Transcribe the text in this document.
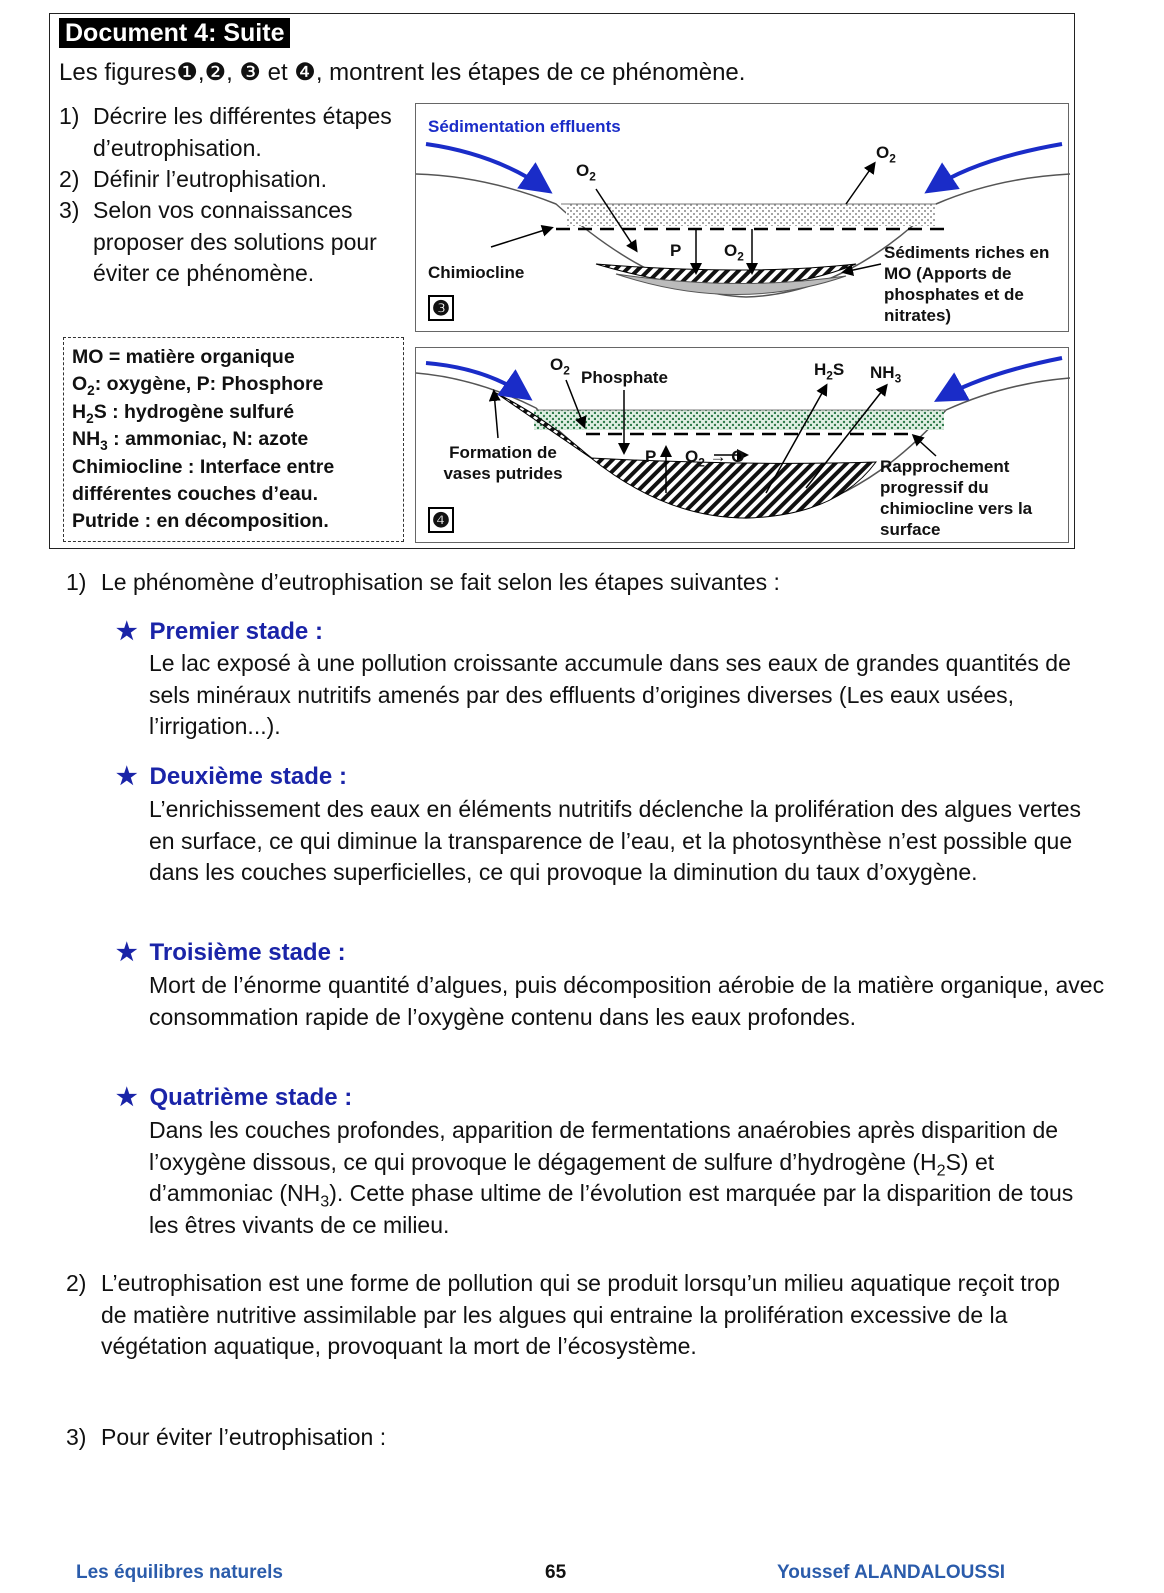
Document 4: Suite
Les figures❶,❷, ❸ et ❹, montrent les étapes de ce phénomène.
1) Décrire les différentes étapes d’eutrophisation.
2) Définir l’eutrophisation.
3) Selon vos connaissances proposer des solutions pour éviter ce phénomène.
MO = matière organique
$O_2$: oxygène, P: Phosphore
$H_2S$ : hydrogène sulfuré
$NH_3$ : ammoniac, N: azote
Chimiocline : Interface entre
différentes couches d’eau.
Putride : en décomposition.
Sédimentation effluents
$O_2$
$O_2$
P	$O_2$
Chimiocline
Sédiments riches en MO (Apports de phosphates et de nitrates)
❸
$O_2$ Phosphate	$H_2S$ $NH_3$
Formation de vases putrides
P $O_2 \to O$
Rapprochement progressif du chimiocline vers la surface
❹
1) Le phénomène d’eutrophisation se fait selon les étapes suivantes :
★ Premier stade :
Le lac exposé à une pollution croissante accumule dans ses eaux de grandes quantités de sels minéraux nutritifs amenés par des effluents d’origines diverses (Les eaux usées, l’irrigation...).
★ Deuxième stade :
L’enrichissement des eaux en éléments nutritifs déclenche la prolifération des algues vertes en surface, ce qui diminue la transparence de l’eau, et la photosynthèse n’est possible que dans les couches superficielles, ce qui provoque la diminution du taux d’oxygène.
★ Troisième stade :
Mort de l’énorme quantité d’algues, puis décomposition aérobie de la matière organique, avec consommation rapide de l’oxygène contenu dans les eaux profondes.
★ Quatrième stade :
Dans les couches profondes, apparition de fermentations anaérobies après disparition de l’oxygène dissous, ce qui provoque le dégagement de sulfure d’hydrogène $(H_2S)$ et d’ammoniac $(NH_3)$. Cette phase ultime de l’évolution est marquée par la disparition de tous les êtres vivants de ce milieu.
2) L’eutrophisation est une forme de pollution qui se produit lorsqu’un milieu aquatique reçoit trop de matière nutritive assimilable par les algues qui entraine la prolifération excessive de la végétation aquatique, provoquant la mort de l’écosystème.
3) Pour éviter l’eutrophisation :
Les équilibres naturels	65	Youssef ALANDALOUSSI
